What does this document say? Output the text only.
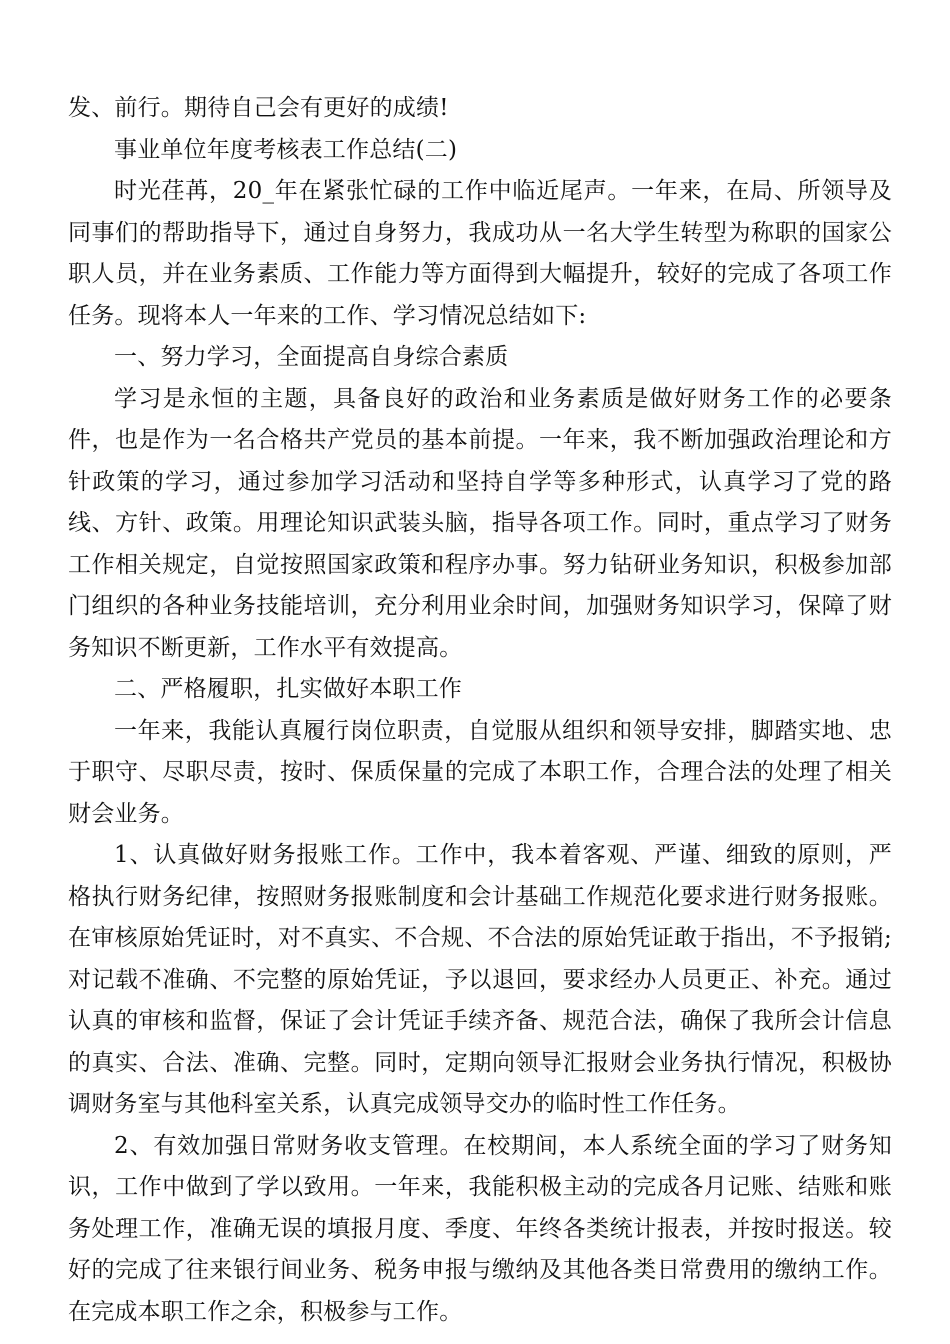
发、前行。期待自己会有更好的成绩!

事业单位年度考核表工作总结(二)

时光荏苒，20_年在紧张忙碌的工作中临近尾声。一年来，在局、所领导及同事们的帮助指导下，通过自身努力，我成功从一名大学生转型为称职的国家公职人员，并在业务素质、工作能力等方面得到大幅提升，较好的完成了各项工作任务。现将本人一年来的工作、学习情况总结如下:

一、努力学习，全面提高自身综合素质

学习是永恒的主题，具备良好的政治和业务素质是做好财务工作的必要条件，也是作为一名合格共产党员的基本前提。一年来，我不断加强政治理论和方针政策的学习，通过参加学习活动和坚持自学等多种形式，认真学习了党的路线、方针、政策。用理论知识武装头脑，指导各项工作。同时，重点学习了财务工作相关规定，自觉按照国家政策和程序办事。努力钻研业务知识，积极参加部门组织的各种业务技能培训，充分利用业余时间，加强财务知识学习，保障了财务知识不断更新，工作水平有效提高。

二、严格履职，扎实做好本职工作

一年来，我能认真履行岗位职责，自觉服从组织和领导安排，脚踏实地、忠于职守、尽职尽责，按时、保质保量的完成了本职工作，合理合法的处理了相关财会业务。

1、认真做好财务报账工作。工作中，我本着客观、严谨、细致的原则，严格执行财务纪律，按照财务报账制度和会计基础工作规范化要求进行财务报账。在审核原始凭证时，对不真实、不合规、不合法的原始凭证敢于指出，不予报销;对记载不准确、不完整的原始凭证，予以退回，要求经办人员更正、补充。通过认真的审核和监督，保证了会计凭证手续齐备、规范合法，确保了我所会计信息的真实、合法、准确、完整。同时，定期向领导汇报财会业务执行情况，积极协调财务室与其他科室关系，认真完成领导交办的临时性工作任务。

2、有效加强日常财务收支管理。在校期间，本人系统全面的学习了财务知识，工作中做到了学以致用。一年来，我能积极主动的完成各月记账、结账和账务处理工作，准确无误的填报月度、季度、年终各类统计报表，并按时报送。较好的完成了往来银行间业务、税务申报与缴纳及其他各类日常费用的缴纳工作。在完成本职工作之余，积极参与工作。
